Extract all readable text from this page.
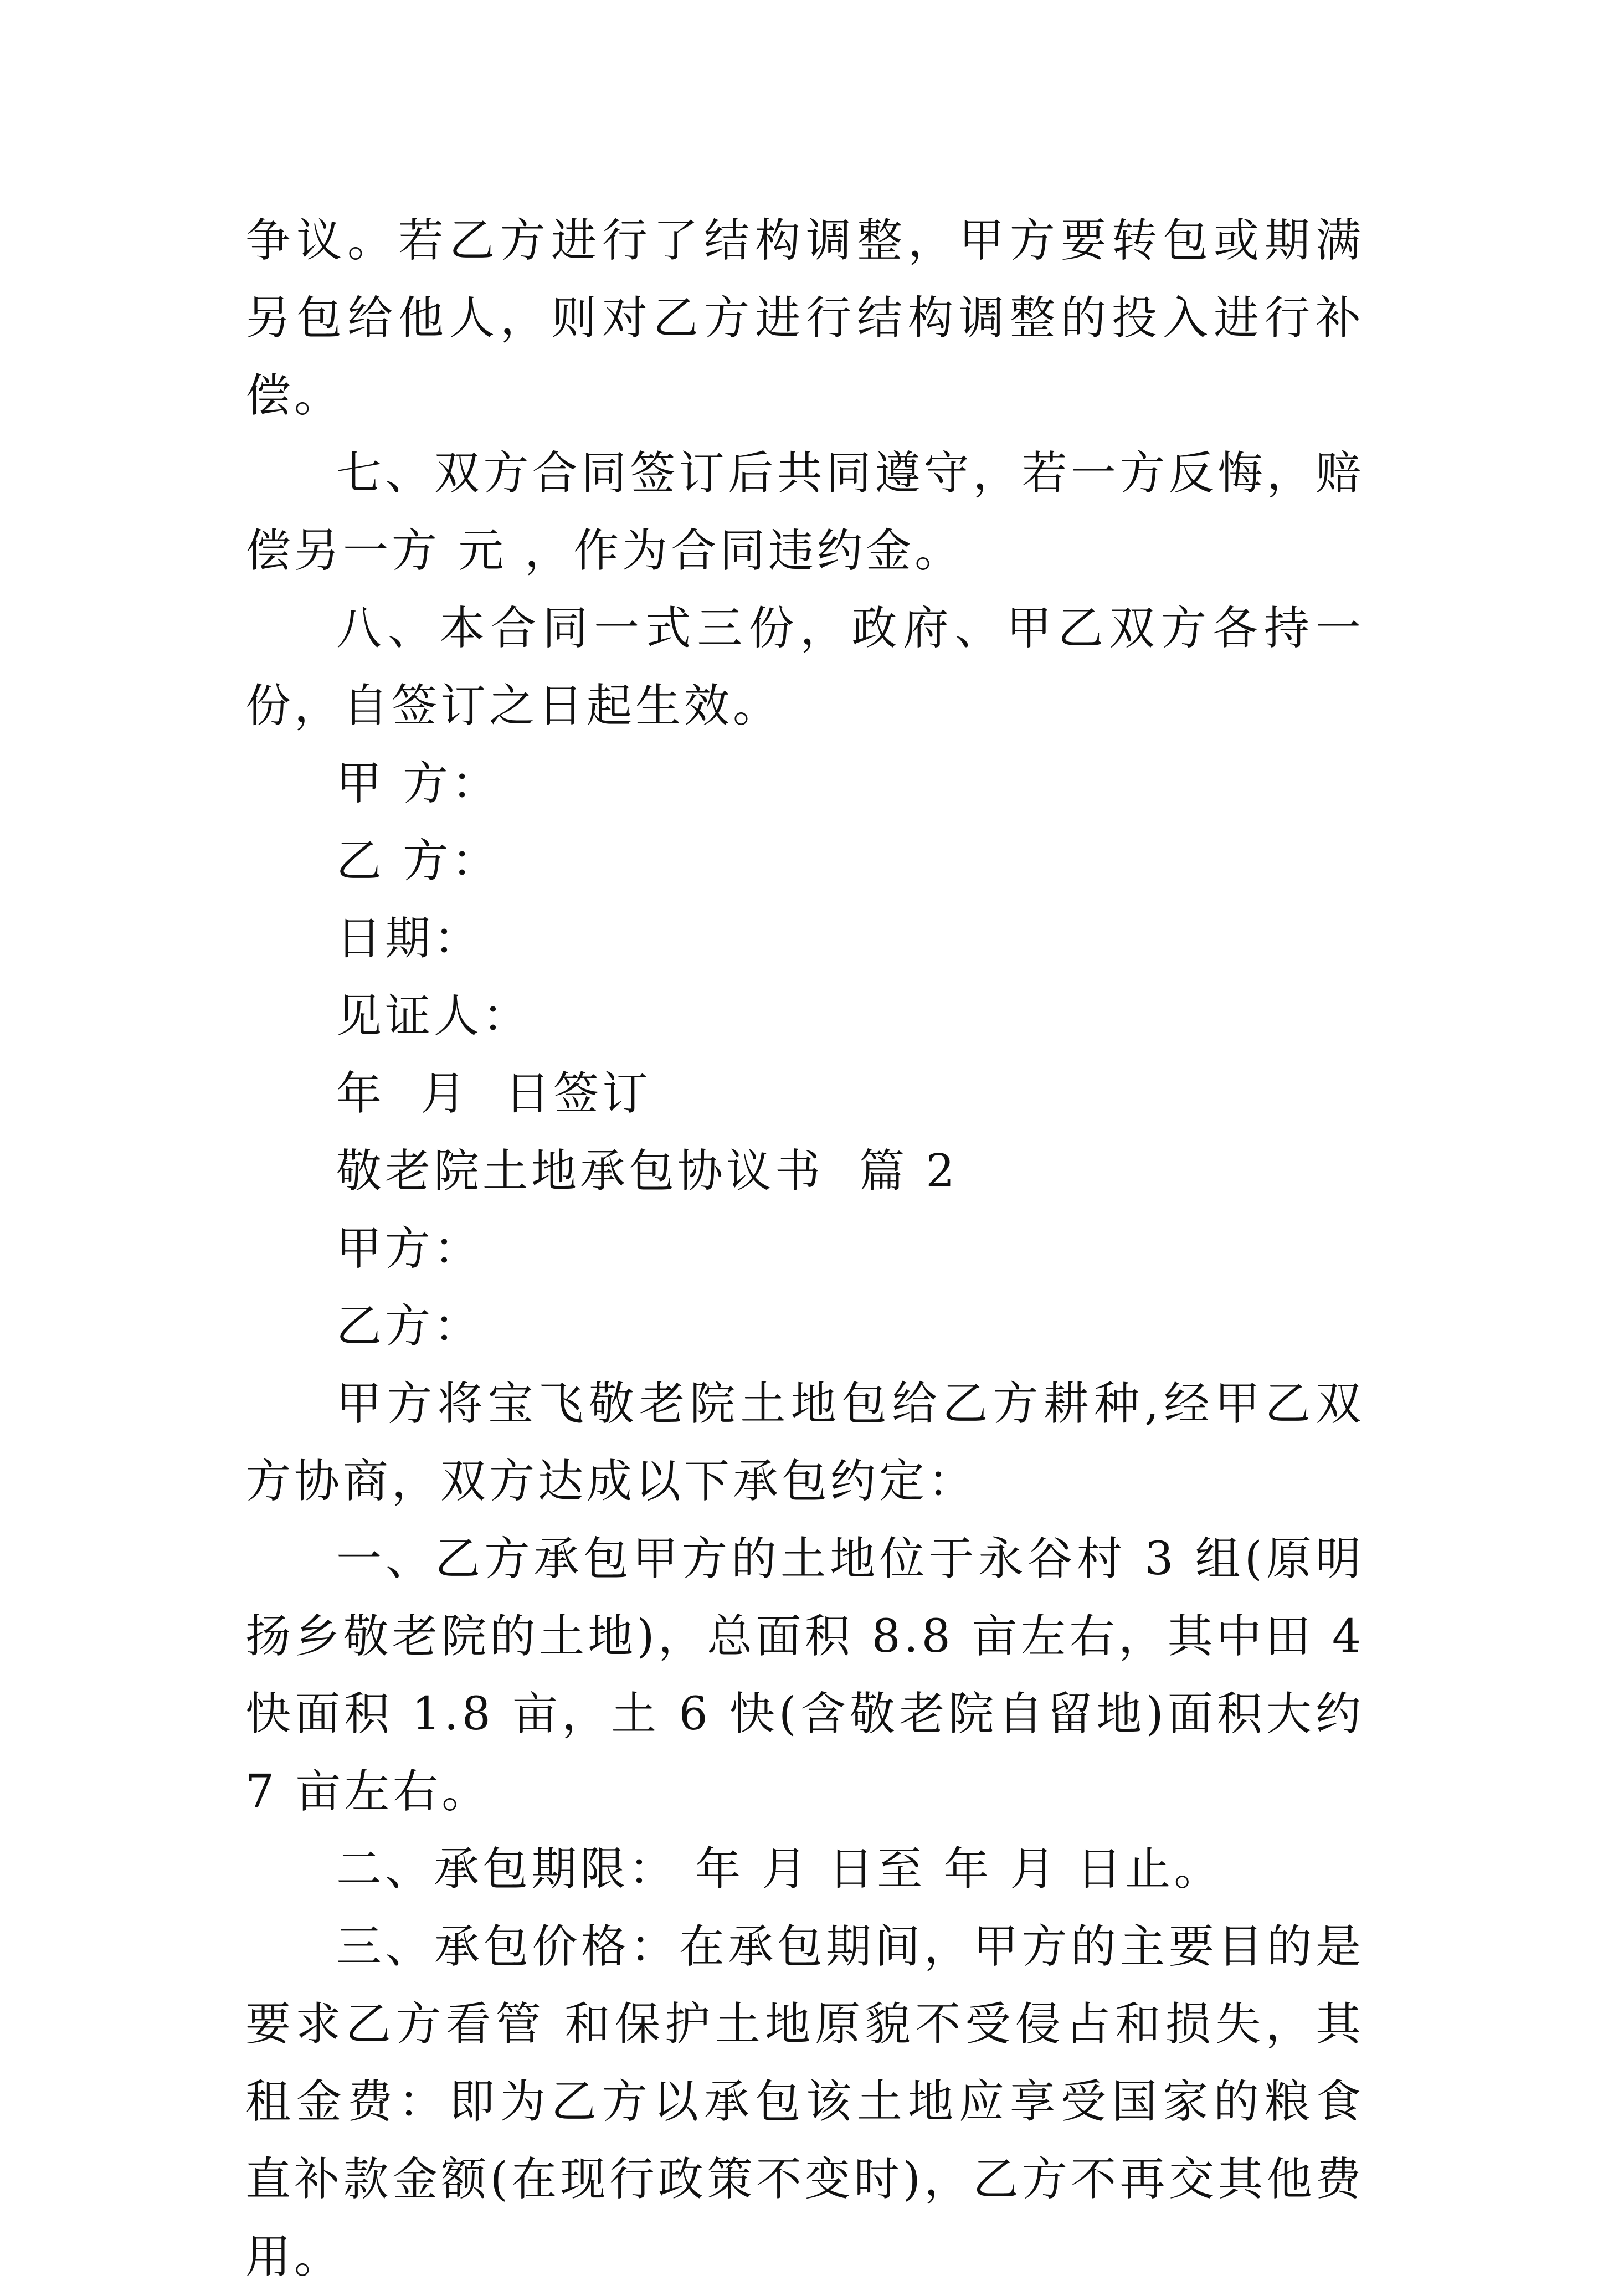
争议。若乙方进行了结构调整，甲方要转包或期满另包给他人，则对乙方进行结构调整的投入进行补偿。

七、双方合同签订后共同遵守，若一方反悔，赔偿另一方 元 ，作为合同违约金。

八、本合同一式三份，政府、甲乙双方各持一份，自签订之日起生效。

甲 方：

乙 方：

日期：

见证人：

年  月  日签订

敬老院土地承包协议书  篇 2

甲方：

乙方：

甲方将宝飞敬老院土地包给乙方耕种,经甲乙双方协商，双方达成以下承包约定：

一、乙方承包甲方的土地位于永谷村 3 组(原明扬乡敬老院的土地)，总面积 8.8 亩左右，其中田 4 快面积 1.8 亩，土 6 快(含敬老院自留地)面积大约 7 亩左右。

二、承包期限： 年 月 日至 年 月 日止。

三、承包价格：在承包期间，甲方的主要目的是要求乙方看管 和保护土地原貌不受侵占和损失，其租金费：即为乙方以承包该土地应享受国家的粮食直补款金额(在现行政策不变时)，乙方不再交其他费用。
